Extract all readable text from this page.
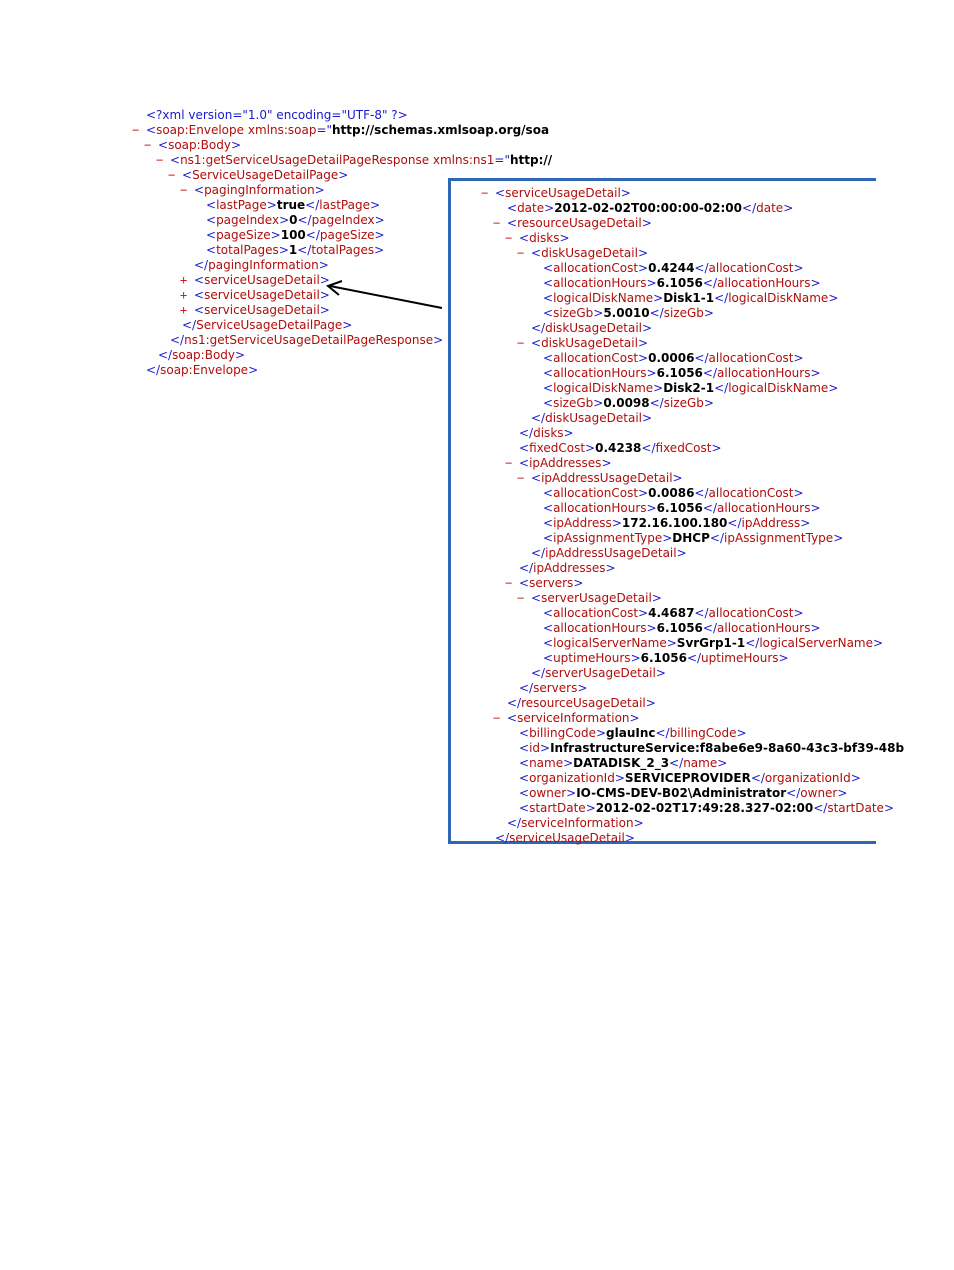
<?xml version="1.0" encoding="UTF-8" ?>
− <soap:Envelope xmlns:soap="http://schemas.xmlsoap.org/soa
− <soap:Body>
− <ns1:getServiceUsageDetailPageResponse xmlns:ns1="http://
− <ServiceUsageDetailPage>
− <pagingInformation>
<lastPage>true</lastPage>
<pageIndex>0</pageIndex>
<pageSize>100</pageSize>
<totalPages>1</totalPages>
</pagingInformation>
+ <serviceUsageDetail>
+ <serviceUsageDetail>
+ <serviceUsageDetail>
</ServiceUsageDetailPage>
</ns1:getServiceUsageDetailPageResponse>
</soap:Body>
</soap:Envelope>
− <serviceUsageDetail>
<date>2012-02-02T00:00:00-02:00</date>
− <resourceUsageDetail>
− <disks>
− <diskUsageDetail>
<allocationCost>0.4244</allocationCost>
<allocationHours>6.1056</allocationHours>
<logicalDiskName>Disk1-1</logicalDiskName>
<sizeGb>5.0010</sizeGb>
</diskUsageDetail>
− <diskUsageDetail>
<allocationCost>0.0006</allocationCost>
<allocationHours>6.1056</allocationHours>
<logicalDiskName>Disk2-1</logicalDiskName>
<sizeGb>0.0098</sizeGb>
</diskUsageDetail>
</disks>
<fixedCost>0.4238</fixedCost>
− <ipAddresses>
− <ipAddressUsageDetail>
<allocationCost>0.0086</allocationCost>
<allocationHours>6.1056</allocationHours>
<ipAddress>172.16.100.180</ipAddress>
<ipAssignmentType>DHCP</ipAssignmentType>
</ipAddressUsageDetail>
</ipAddresses>
− <servers>
− <serverUsageDetail>
<allocationCost>4.4687</allocationCost>
<allocationHours>6.1056</allocationHours>
<logicalServerName>SvrGrp1-1</logicalServerName>
<uptimeHours>6.1056</uptimeHours>
</serverUsageDetail>
</servers>
</resourceUsageDetail>
− <serviceInformation>
<billingCode>glauInc</billingCode>
<id>InfrastructureService:f8abe6e9-8a60-43c3-bf39-48b
<name>DATADISK_2_3</name>
<organizationId>SERVICEPROVIDER</organizationId>
<owner>IO-CMS-DEV-B02\Administrator</owner>
<startDate>2012-02-02T17:49:28.327-02:00</startDate>
</serviceInformation>
</serviceUsageDetail>
